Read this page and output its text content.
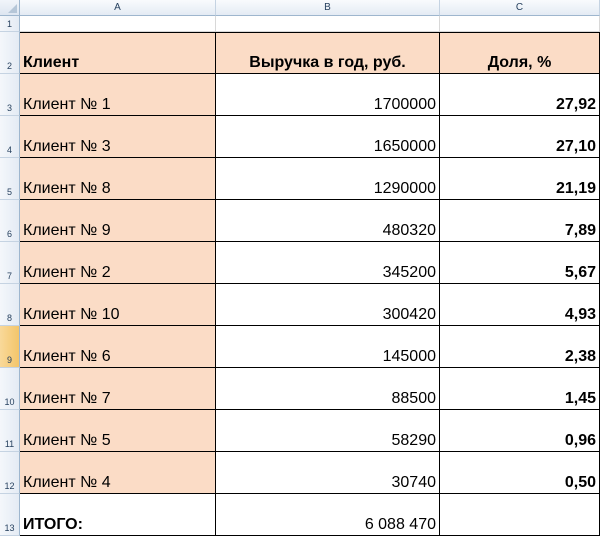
A	B	C
1
2
3
4
5
6
7
8
9
10
11
12
13
Клиент	Выручка в год, руб.	Доля, %
Клиент № 1	1700000	27,92
Клиент № 3	1650000	27,10
Клиент № 8	1290000	21,19
Клиент № 9	480320	7,89
Клиент № 2	345200	5,67
Клиент № 10	300420	4,93
Клиент № 6	145000	2,38
Клиент № 7	88500	1,45
Клиент № 5	58290	0,96
Клиент № 4	30740	0,50
ИТОГО:	6 088 470
